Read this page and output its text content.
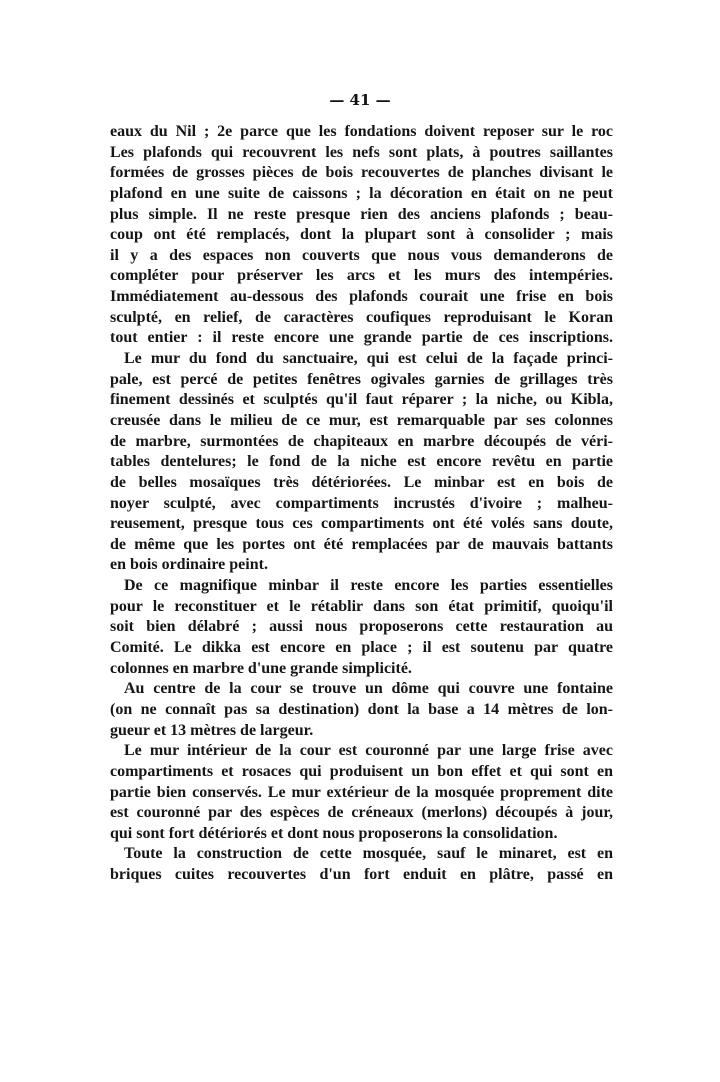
— 41 —
eaux du Nil ; 2e parce que les fondations doivent reposer sur le roc
Les plafonds qui recouvrent les nefs sont plats, à poutres saillantes
formées de grosses pièces de bois recouvertes de planches divisant le
plafond en une suite de caissons ; la décoration en était on ne peut
plus simple. Il ne reste presque rien des anciens plafonds ; beau-
coup ont été remplacés, dont la plupart sont à consolider ; mais
il y a des espaces non couverts que nous vous demanderons de
compléter pour préserver les arcs et les murs des intempéries.
Immédiatement au-dessous des plafonds courait une frise en bois
sculpté, en relief, de caractères coufiques reproduisant le Koran
tout entier : il reste encore une grande partie de ces inscriptions.
Le mur du fond du sanctuaire, qui est celui de la façade princi-
pale, est percé de petites fenêtres ogivales garnies de grillages très
finement dessinés et sculptés qu'il faut réparer ; la niche, ou Kibla,
creusée dans le milieu de ce mur, est remarquable par ses colonnes
de marbre, surmontées de chapiteaux en marbre découpés de véri-
tables dentelures; le fond de la niche est encore revêtu en partie
de belles mosaïques très détériorées. Le minbar est en bois de
noyer sculpté, avec compartiments incrustés d'ivoire ; malheu-
reusement, presque tous ces compartiments ont été volés sans doute,
de même que les portes ont été remplacées par de mauvais battants
en bois ordinaire peint.
De ce magnifique minbar il reste encore les parties essentielles
pour le reconstituer et le rétablir dans son état primitif, quoiqu'il
soit bien délabré ; aussi nous proposerons cette restauration au
Comité. Le dikka est encore en place ; il est soutenu par quatre
colonnes en marbre d'une grande simplicité.
Au centre de la cour se trouve un dôme qui couvre une fontaine
(on ne connaît pas sa destination) dont la base a 14 mètres de lon-
gueur et 13 mètres de largeur.
Le mur intérieur de la cour est couronné par une large frise avec
compartiments et rosaces qui produisent un bon effet et qui sont en
partie bien conservés. Le mur extérieur de la mosquée proprement dite
est couronné par des espèces de créneaux (merlons) découpés à jour,
qui sont fort détériorés et dont nous proposerons la consolidation.
Toute la construction de cette mosquée, sauf le minaret, est en
briques cuites recouvertes d'un fort enduit en plâtre, passé en
